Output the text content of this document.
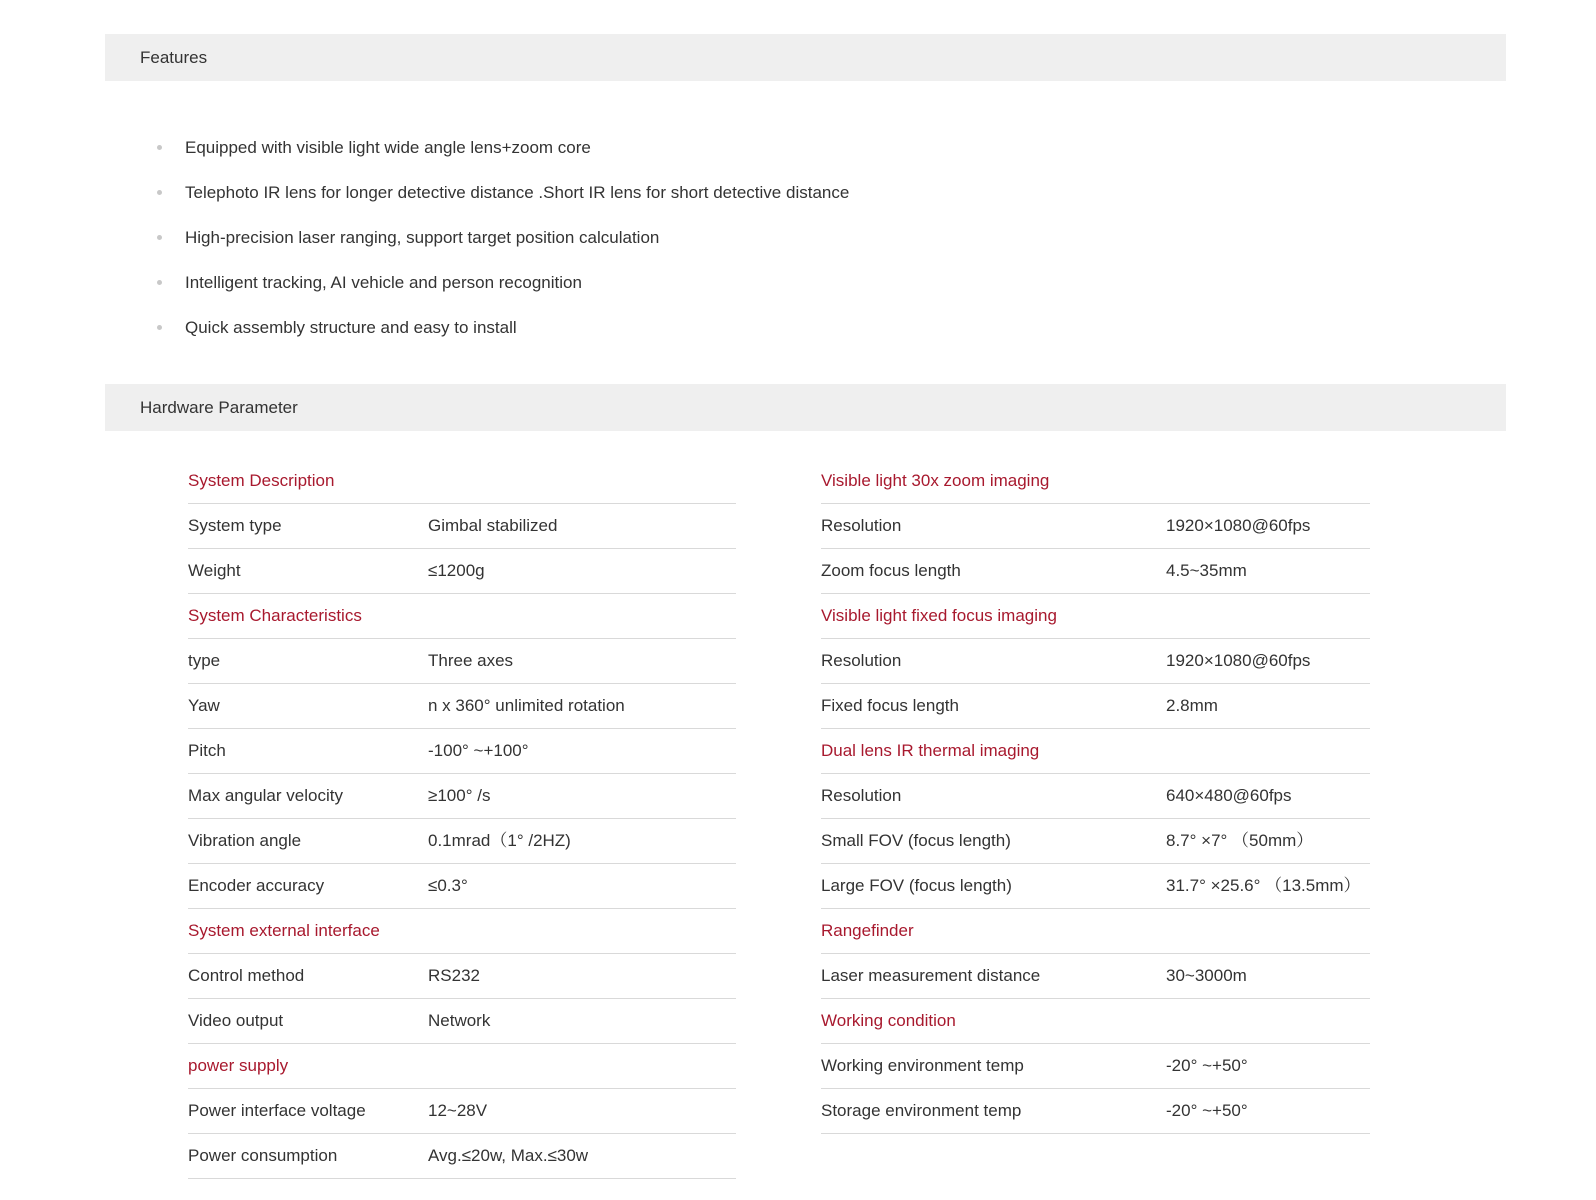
Features
Equipped with visible light wide angle lens+zoom core
Telephoto IR lens for longer detective distance .Short IR lens for short detective distance
High-precision laser ranging, support target position calculation
Intelligent tracking, AI vehicle and person recognition
Quick assembly structure and easy to install
Hardware Parameter
System Description
System type	Gimbal stabilized
Weight	≤1200g
System Characteristics
type	Three axes
Yaw	n x 360° unlimited rotation
Pitch	-100° ~+100°
Max angular velocity	≥100° /s
Vibration angle	0.1mrad（1° /2HZ)
Encoder accuracy	≤0.3°
System external interface
Control method	RS232
Video output	Network
power supply
Power interface voltage	12~28V
Power consumption	Avg.≤20w, Max.≤30w
Visible light 30x zoom imaging
Resolution	1920×1080@60fps
Zoom focus length	4.5~35mm
Visible light fixed focus imaging
Resolution	1920×1080@60fps
Fixed focus length	2.8mm
Dual lens IR thermal imaging
Resolution	640×480@60fps
Small FOV (focus length)	8.7° ×7° （50mm）
Large FOV (focus length)	31.7° ×25.6° （13.5mm）
Rangefinder
Laser measurement distance	30~3000m
Working condition
Working environment temp	-20° ~+50°
Storage environment temp	-20° ~+50°
